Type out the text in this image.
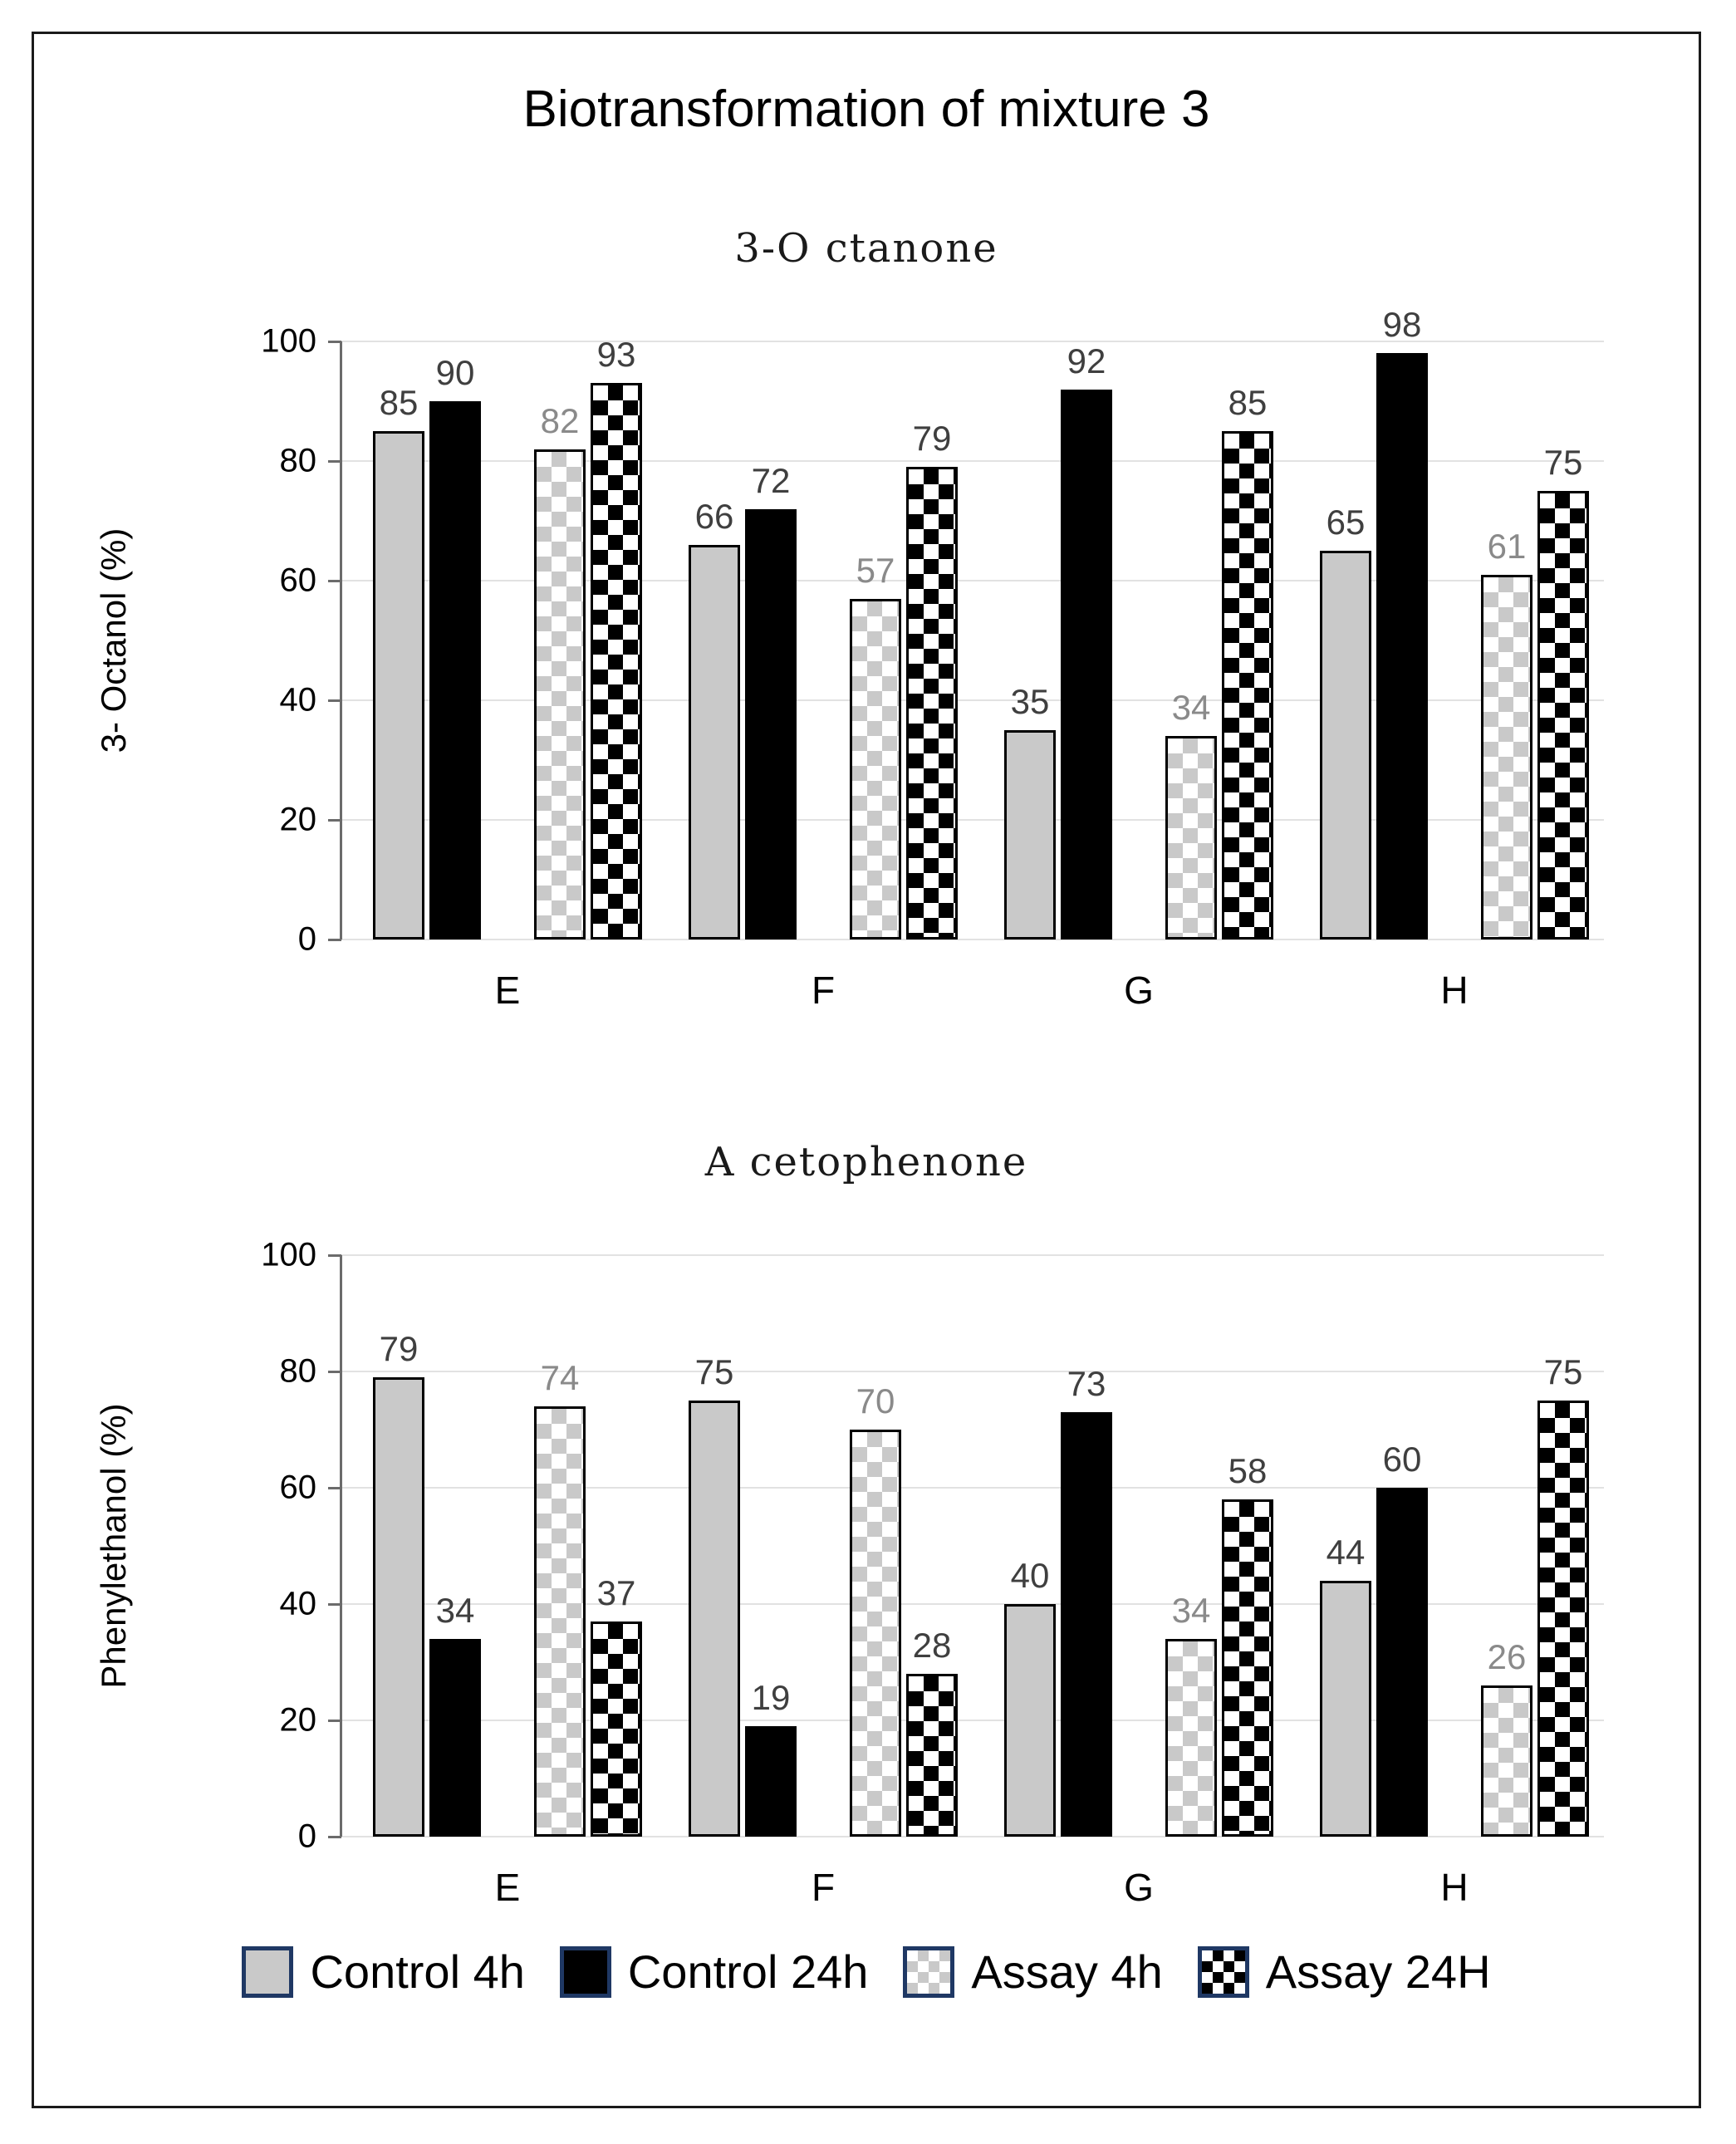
Biotransformation of mixture 3
3-O ctanone
0
20
40
60
80
100
3- Octanol (%)
85
90
82
93
E
66
72
57
79
F
35
92
34
85
G
65
98
61
75
H
A cetophenone
0
20
40
60
80
100
Phenylethanol (%)
79
34
74
37
E
75
19
70
28
F
40
73
34
58
G
44
60
26
75
H
Control 4h Control 24h Assay 4h Assay 24H
